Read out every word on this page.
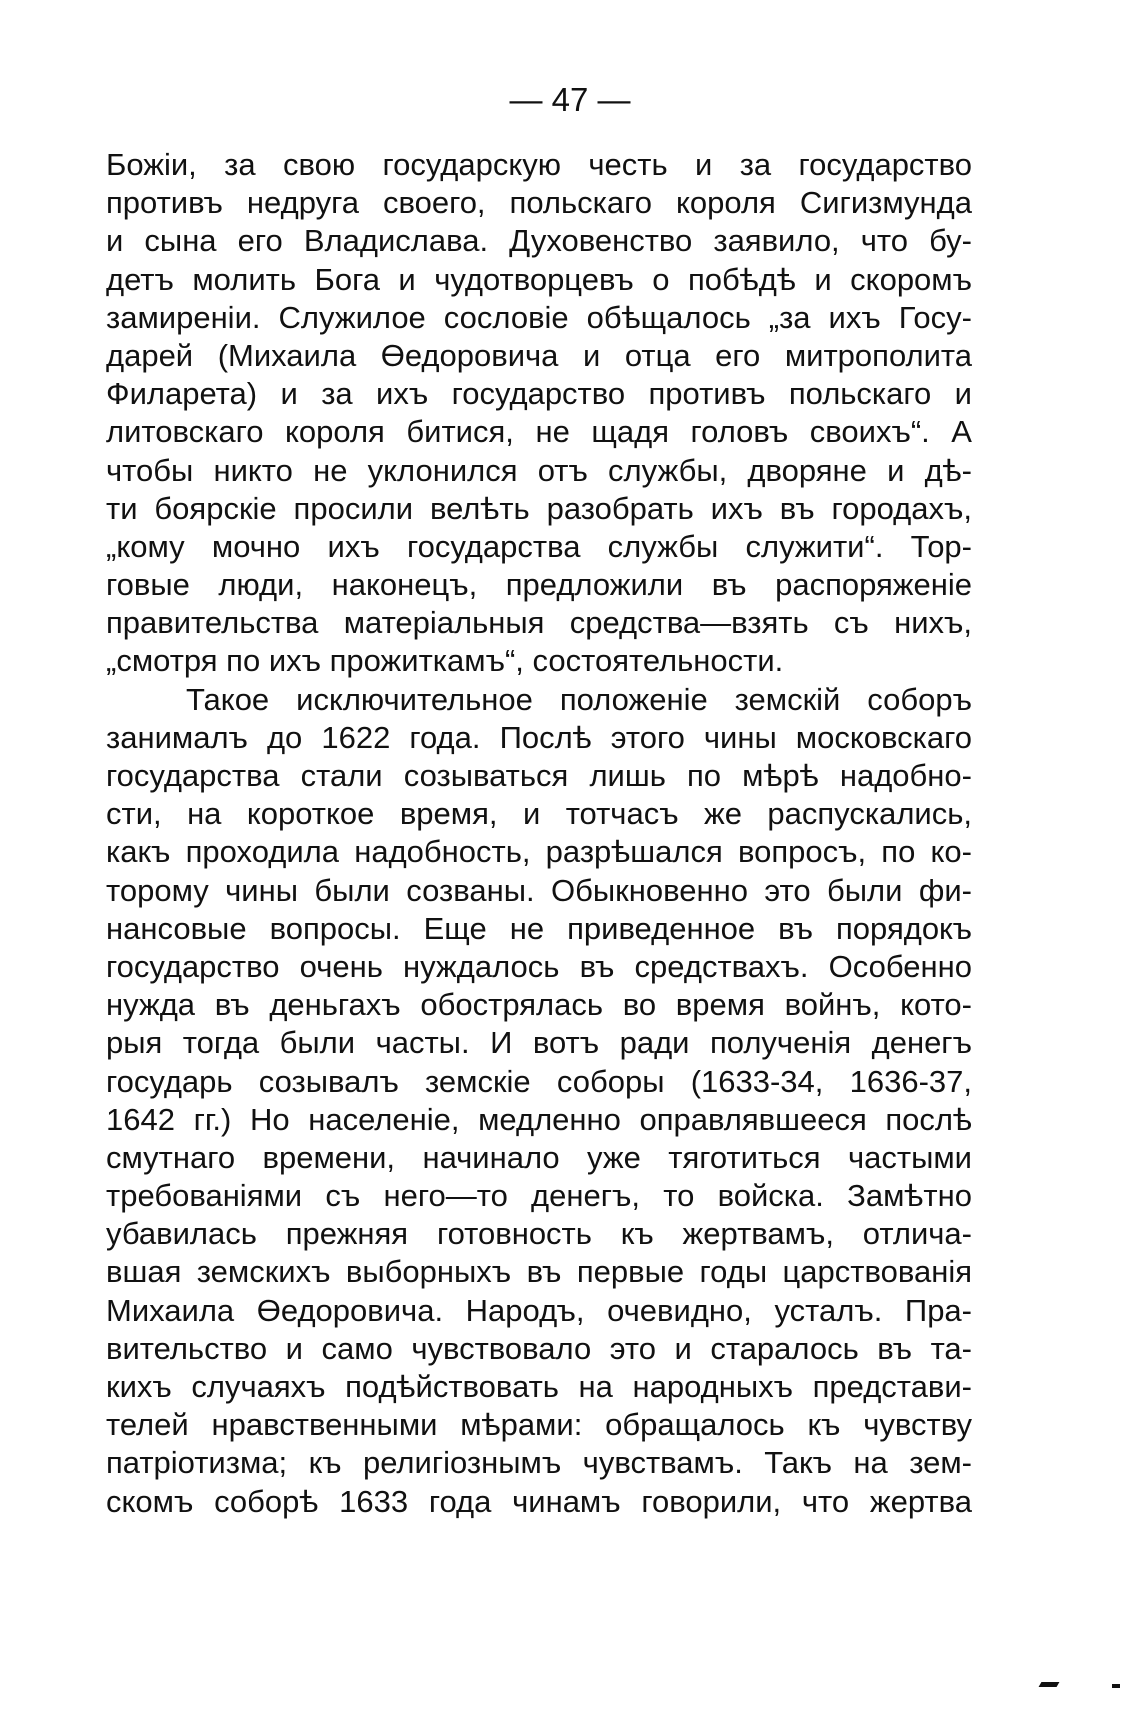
— 47 —
Божіи, за свою государскую честь и за государство
противъ недруга своего, польскаго короля Сигизмунда
и сына его Владислава. Духовенство заявило, что бу-
детъ молить Бога и чудотворцевъ о побѣдѣ и скоромъ
замиреніи. Служилое сословіе обѣщалось „за ихъ Госу-
дарей (Михаила Өедоровича и отца его митрополита
Филарета) и за ихъ государство противъ польскаго и
литовскаго короля битися, не щадя головъ своихъ“. А
чтобы никто не уклонился отъ службы, дворяне и дѣ-
ти боярскіе просили велѣть разобрать ихъ въ городахъ,
„кому мочно ихъ государства службы служити“. Тор-
говые люди, наконецъ, предложили въ распоряженіе
правительства матеріальныя средства—взять съ нихъ,
„смотря по ихъ прожиткамъ“, состоятельности.
Такое исключительное положеніе земскій соборъ
занималъ до 1622 года. Послѣ этого чины московскаго
государства стали созываться лишь по мѣрѣ надобно-
сти, на короткое время, и тотчасъ же распускались,
какъ проходила надобность, разрѣшался вопросъ, по ко-
торому чины были созваны. Обыкновенно это были фи-
нансовые вопросы. Еще не приведенное въ порядокъ
государство очень нуждалось въ средствахъ. Особенно
нужда въ деньгахъ обострялась во время войнъ, кото-
рыя тогда были часты. И вотъ ради полученія денегъ
государь созывалъ земскіе соборы (1633-34, 1636-37,
1642 гг.) Но населеніе, медленно оправлявшееся послѣ
смутнаго времени, начинало уже тяготиться частыми
требованіями съ него—то денегъ, то войска. Замѣтно
убавилась прежняя готовность къ жертвамъ, отлича-
вшая земскихъ выборныхъ въ первые годы царствованія
Михаила Өедоровича. Народъ, очевидно, усталъ. Пра-
вительство и само чувствовало это и старалось въ та-
кихъ случаяхъ подѣйствовать на народныхъ представи-
телей нравственными мѣрами: обращалось къ чувству
патріотизма; къ религіознымъ чувствамъ. Такъ на зем-
скомъ соборѣ 1633 года чинамъ говорили, что жертва
